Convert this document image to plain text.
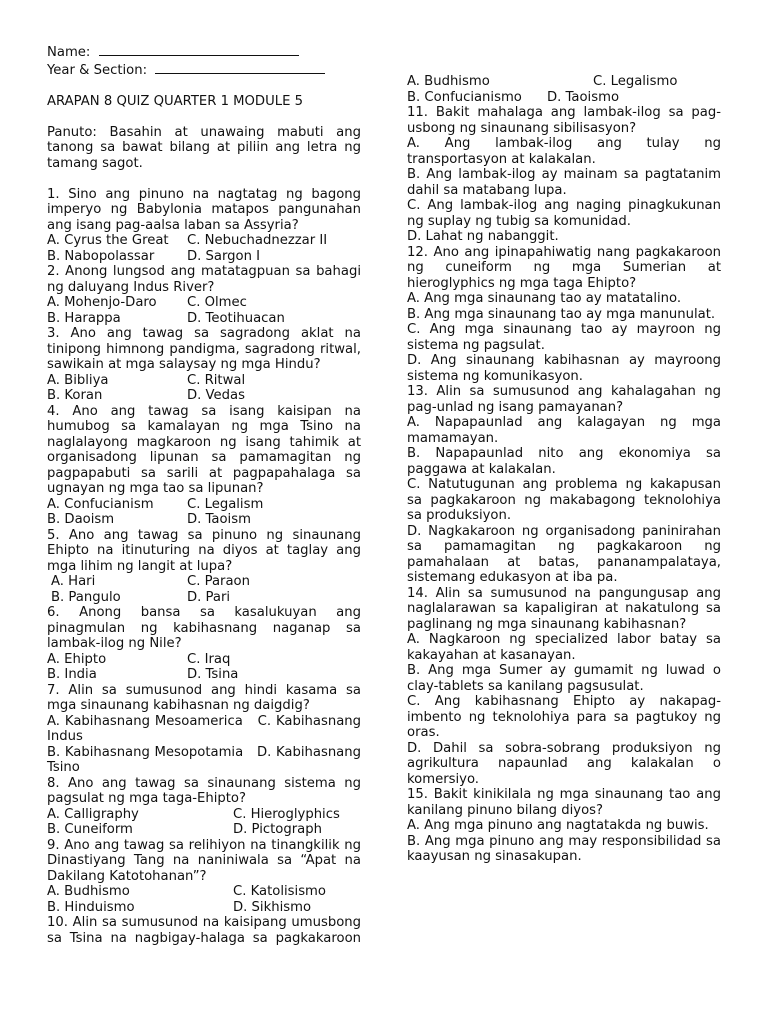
Name:
Year & Section:
ARAPAN 8 QUIZ QUARTER 1 MODULE 5
Panuto: Basahin at unawaing mabuti ang tanong sa bawat bilang at piliin ang letra ng tamang sagot.
1. Sino ang pinuno na nagtatag ng bagong imperyo ng Babylonia matapos pangunahan ang isang pag-aalsa laban sa Assyria?
A. Cyrus the Great	C. Nebuchadnezzar II
B. Nabopolassar	D. Sargon I
2. Anong lungsod ang matatagpuan sa bahagi ng daluyang Indus River?
A. Mohenjo-Daro	C. Olmec
B. Harappa	D. Teotihuacan
3. Ano ang tawag sa sagradong aklat na tinipong himnong pandigma, sagradong ritwal, sawikain at mga salaysay ng mga Hindu?
A. Bibliya	C. Ritwal
B. Koran	D. Vedas
4. Ano ang tawag sa isang kaisipan na humubog sa kamalayan ng mga Tsino na naglalayong magkaroon ng isang tahimik at organisadong lipunan sa pamamagitan ng pagpapabuti sa sarili at pagpapahalaga sa ugnayan ng mga tao sa lipunan?
A. Confucianism	C. Legalism
B. Daoism	D. Taoism
5. Ano ang tawag sa pinuno ng sinaunang Ehipto na itinuturing na diyos at taglay ang mga lihim ng langit at lupa?
A. Hari	C. Paraon
B. Pangulo	D. Pari
6. Anong bansa sa kasalukuyan ang pinagmulan ng kabihasnang naganap sa lambak-ilog ng Nile?
A. Ehipto	C. Iraq
B. India	D. Tsina
7. Alin sa sumusunod ang hindi kasama sa mga sinaunang kabihasnan ng daigdig?
A. Kabihasnang Mesoamerica C. Kabihasnang Indus
B. Kabihasnang Mesopotamia D. Kabihasnang Tsino
8. Ano ang tawag sa sinaunang sistema ng pagsulat ng mga taga-Ehipto?
A. Calligraphy	C. Hieroglyphics
B. Cuneiform	D. Pictograph
9. Ano ang tawag sa relihiyon na tinangkilik ng Dinastiyang Tang na naniniwala sa “Apat na Dakilang Katotohanan”?
A. Budhismo	C. Katolisismo
B. Hinduismo	D. Sikhismo
10. Alin sa sumusunod na kaisipang umusbong sa Tsina na nagbigay-halaga sa pagkakaroon
A. Budhismo	C. Legalismo
B. Confucianismo	D. Taoismo
11. Bakit mahalaga ang lambak-ilog sa pag-usbong ng sinaunang sibilisasyon?
A. Ang lambak-ilog ang tulay ng transportasyon at kalakalan.
B. Ang lambak-ilog ay mainam sa pagtatanim dahil sa matabang lupa.
C. Ang lambak-ilog ang naging pinagkukunan ng suplay ng tubig sa komunidad.
D. Lahat ng nabanggit.
12. Ano ang ipinapahiwatig nang pagkakaroon ng cuneiform ng mga Sumerian at hieroglyphics ng mga taga Ehipto?
A. Ang mga sinaunang tao ay matatalino.
B. Ang mga sinaunang tao ay mga manunulat.
C. Ang mga sinaunang tao ay mayroon ng sistema ng pagsulat.
D. Ang sinaunang kabihasnan ay mayroong sistema ng komunikasyon.
13. Alin sa sumusunod ang kahalagahan ng pag-unlad ng isang pamayanan?
A. Napapaunlad ang kalagayan ng mga mamamayan.
B. Napapaunlad nito ang ekonomiya sa paggawa at kalakalan.
C. Natutugunan ang problema ng kakapusan sa pagkakaroon ng makabagong teknolohiya sa produksiyon.
D. Nagkakaroon ng organisadong paninirahan sa pamamagitan ng pagkakaroon ng pamahalaan at batas, pananampalataya, sistemang edukasyon at iba pa.
14. Alin sa sumusunod na pangungusap ang naglalarawan sa kapaligiran at nakatulong sa paglinang ng mga sinaunang kabihasnan?
A. Nagkaroon ng specialized labor batay sa kakayahan at kasanayan.
B. Ang mga Sumer ay gumamit ng luwad o clay-tablets sa kanilang pagsusulat.
C. Ang kabihasnang Ehipto ay nakapag-imbento ng teknolohiya para sa pagtukoy ng oras.
D. Dahil sa sobra-sobrang produksiyon ng agrikultura napaunlad ang kalakalan o komersiyo.
15. Bakit kinikilala ng mga sinaunang tao ang kanilang pinuno bilang diyos?
A. Ang mga pinuno ang nagtatakda ng buwis.
B. Ang mga pinuno ang may responsibilidad sa kaayusan ng sinasakupan.
